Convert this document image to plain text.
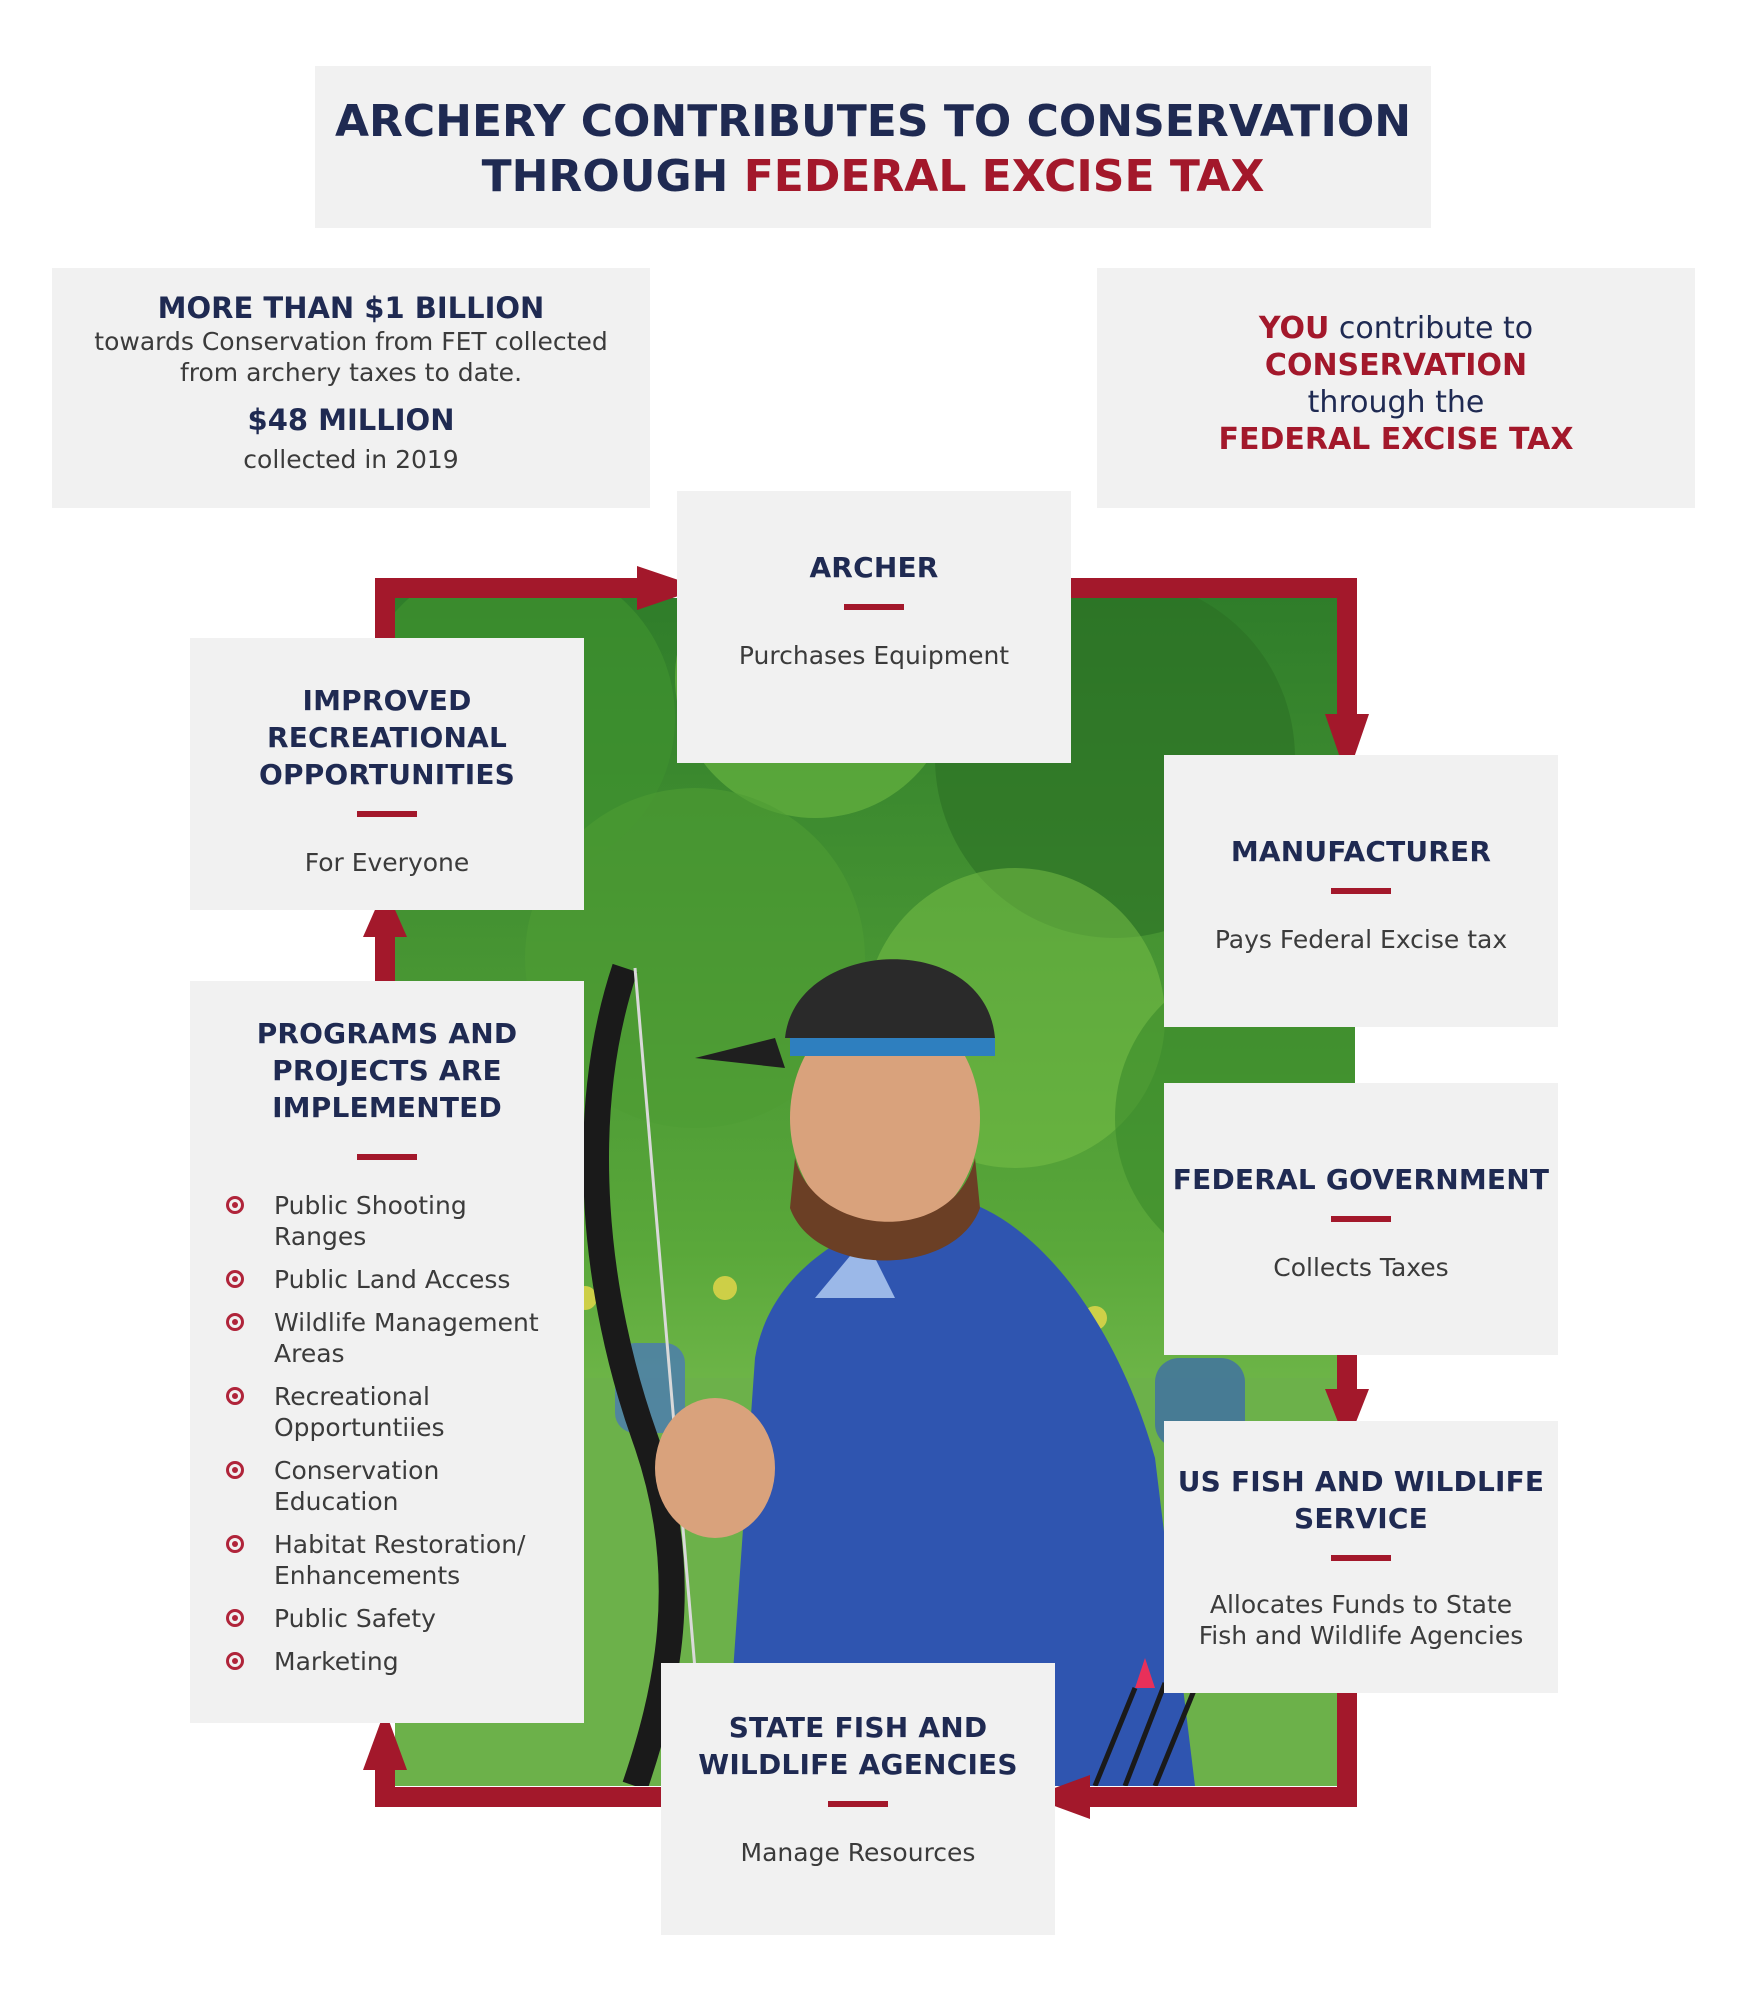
ARCHERY CONTRIBUTES TO CONSERVATION
THROUGH FEDERAL EXCISE TAX
MORE THAN $1 BILLION
towards Conservation from FET collected
from archery taxes to date.
$48 MILLION
collected in 2019
YOU contribute to
CONSERVATION
through the
FEDERAL EXCISE TAX
ARCHER
Purchases Equipment
MANUFACTURER
Pays Federal Excise tax
FEDERAL GOVERNMENT
Collects Taxes
US FISH AND WILDLIFE
SERVICE
Allocates Funds to State
Fish and Wildlife Agencies
STATE FISH AND
WILDLIFE AGENCIES
Manage Resources
IMPROVED
RECREATIONAL
OPPORTUNITIES
For Everyone
PROGRAMS AND
PROJECTS ARE
IMPLEMENTED
Public Shooting
Ranges
Public Land Access
Wildlife Management
Areas
Recreational
Opportuntiies
Conservation
Education
Habitat Restoration/
Enhancements
Public Safety
Marketing
